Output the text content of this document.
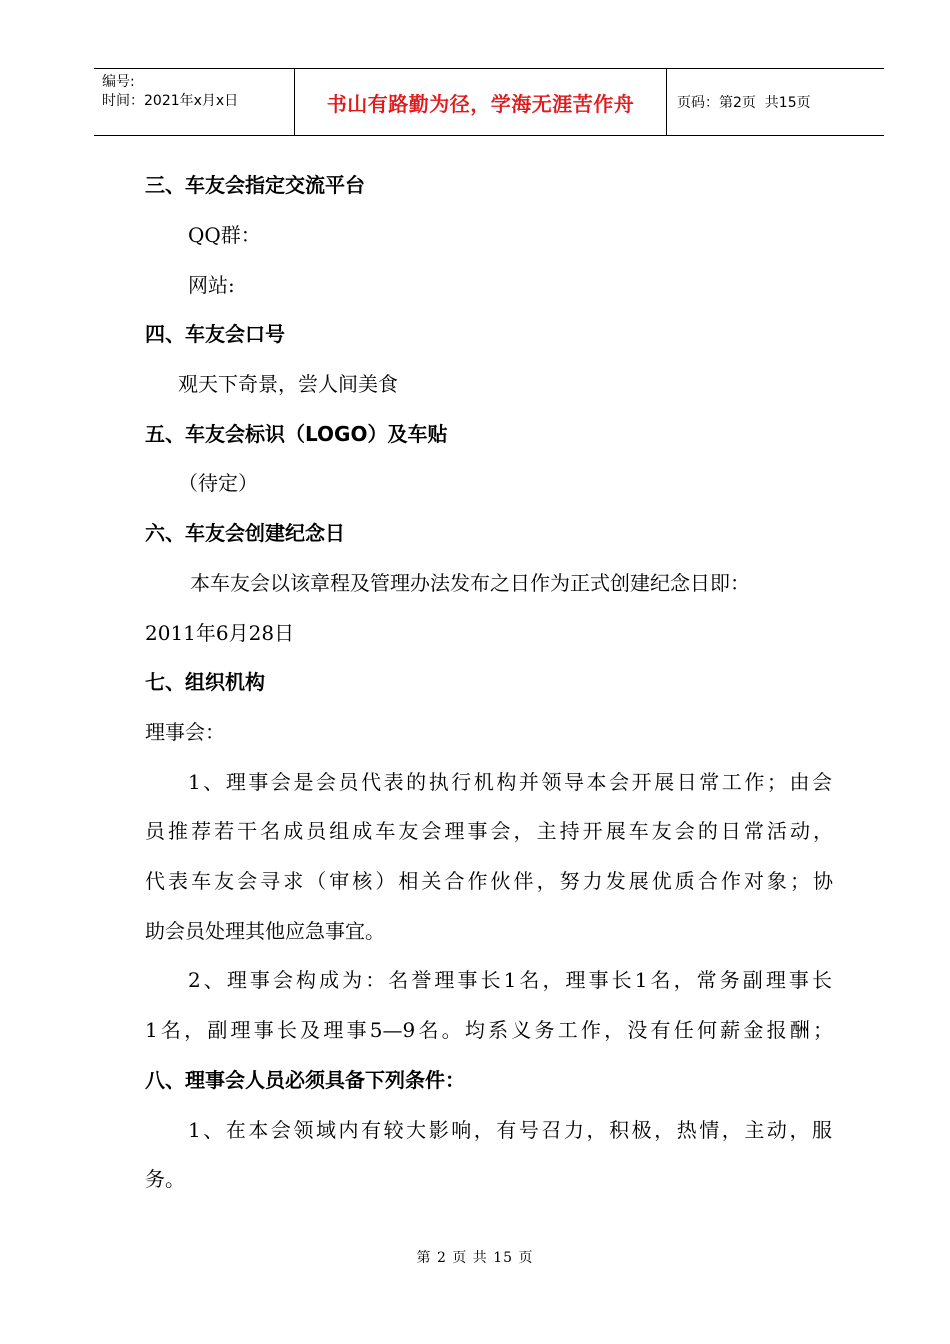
编号:
时间：2021年x月x日	书山有路勤为径，学海无涯苦作舟	页码：第2页  共15页
三、车友会指定交流平台
QQ群：
网站:
四、车友会口号
观天下奇景，尝人间美食
五、车友会标识（LOGO）及车贴
（待定）
六、车友会创建纪念日
本车友会以该章程及管理办法发布之日作为正式创建纪念日即：
2011年6月28日
七、组织机构
理事会：
1、理事会是会员代表的执行机构并领导本会开展日常工作；由会
员推荐若干名成员组成车友会理事会，主持开展车友会的日常活动，
代表车友会寻求（审核）相关合作伙伴，努力发展优质合作对象；协
助会员处理其他应急事宜。
2、理事会构成为：名誉理事长1名，理事长1名，常务副理事长
1名，副理事长及理事5—9名。均系义务工作，没有任何薪金报酬；
八、理事会人员必须具备下列条件：
1、在本会领域内有较大影响，有号召力，积极，热情，主动，服
务。
第 2 页 共 15 页
